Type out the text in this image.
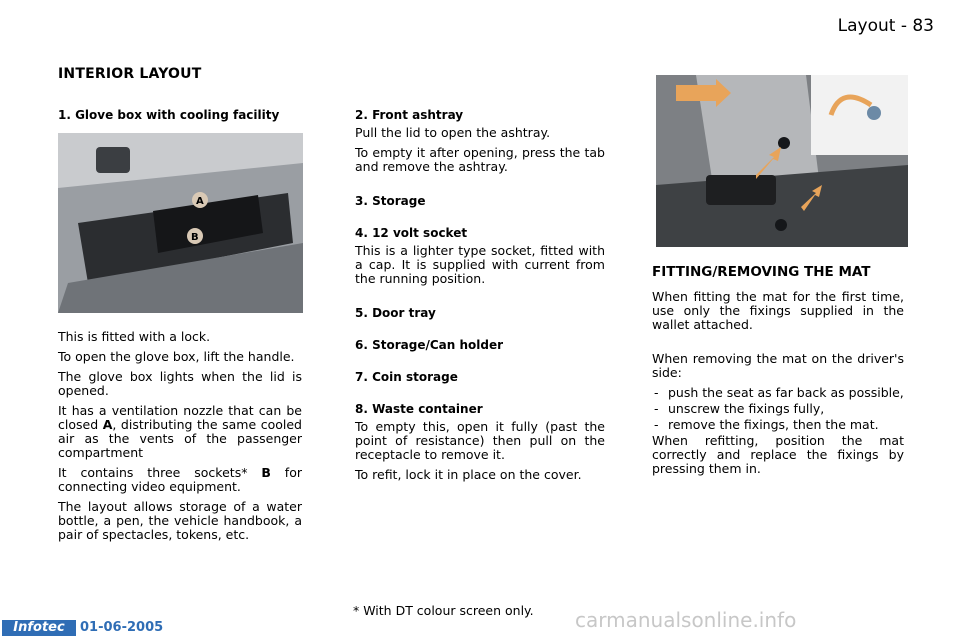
Layout - 83
INTERIOR LAYOUT
1. Glove box with cooling facility
A
B

This is fitted with a lock.

To open the glove box, lift the handle.

The glove box lights when the lid is opened.

It has a ventilation nozzle that can be closed A, distributing the same cooled air as the vents of the passenger compartment

It contains three sockets* B for connecting video equipment.

The layout allows storage of a water bottle, a pen, the vehicle handbook, a pair of spectacles, tokens, etc.

2. Front ashtray

Pull the lid to open the ashtray.

To empty it after opening, press the tab and remove the ashtray.

3. Storage
4. 12 volt socket

This is a lighter type socket, fitted with a cap. It is supplied with current from the running position.

5. Door tray
6. Storage/Can holder
7. Coin storage
8. Waste container

To empty this, open it fully (past the point of resistance) then pull on the receptacle to remove it.

To refit, lock it in place on the cover.

FITTING/REMOVING THE MAT

When fitting the mat for the first time, use only the fixings supplied in the wallet attached.

When removing the mat on the driver's side:

- push the seat as far back as possible,
- unscrew the fixings fully,
- remove the fixings, then the mat.

When refitting, position the mat correctly and replace the fixings by pressing them in.

* With DT colour screen only.
Infotec	01-06-2005	carmanualsonline.info
